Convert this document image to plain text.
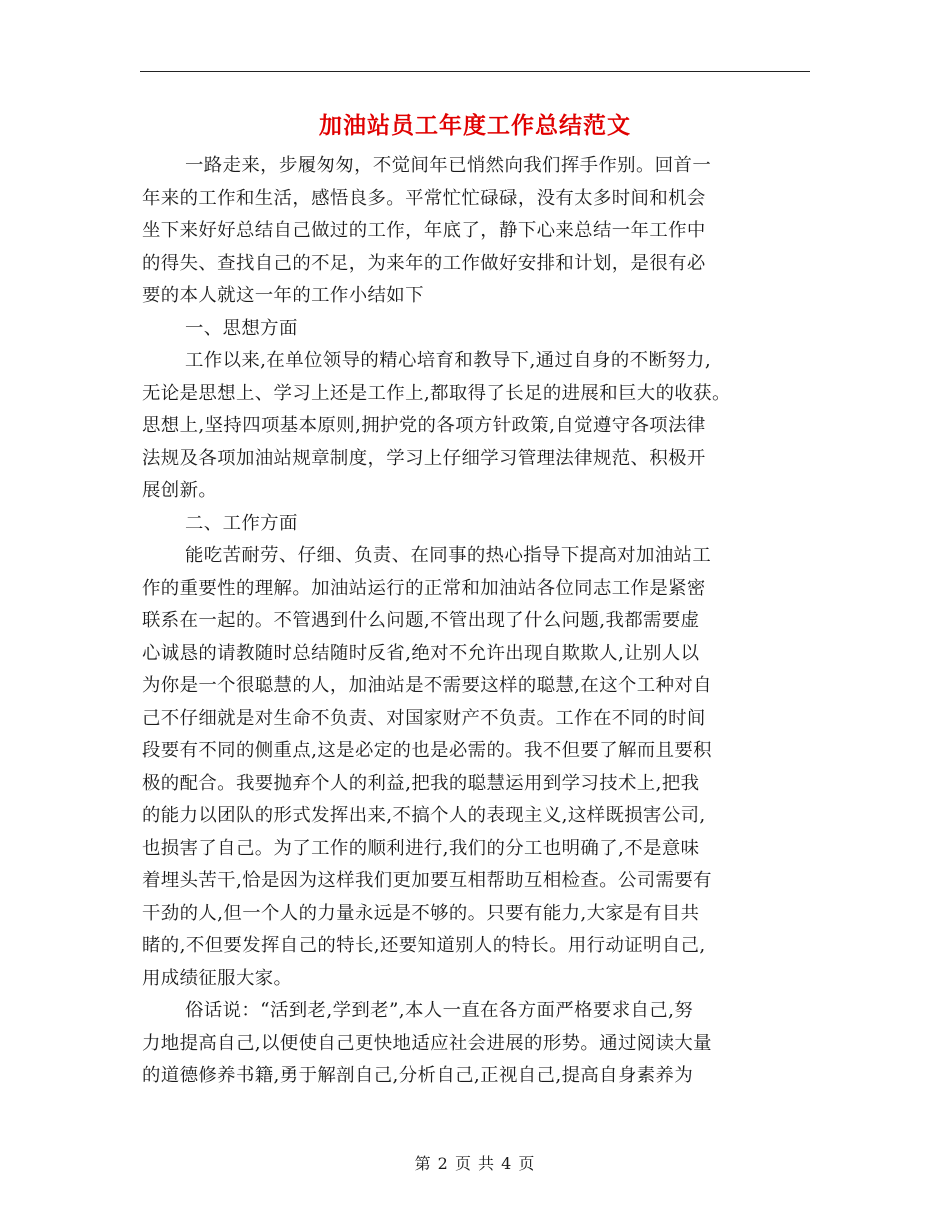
加油站员工年度工作总结范文
一路走来，步履匆匆，不觉间年已悄然向我们挥手作别。回首一
年来的工作和生活，感悟良多。平常忙忙碌碌，没有太多时间和机会
坐下来好好总结自己做过的工作，年底了，静下心来总结一年工作中
的得失、查找自己的不足，为来年的工作做好安排和计划，是很有必
要的本人就这一年的工作小结如下
一、思想方面
工作以来,在单位领导的精心培育和教导下,通过自身的不断努力,
无论是思想上、学习上还是工作上,都取得了长足的进展和巨大的收获。
思想上,坚持四项基本原则,拥护党的各项方针政策,自觉遵守各项法律
法规及各项加油站规章制度，学习上仔细学习管理法律规范、积极开
展创新。
二、工作方面
能吃苦耐劳、仔细、负责、在同事的热心指导下提高对加油站工
作的重要性的理解。加油站运行的正常和加油站各位同志工作是紧密
联系在一起的。不管遇到什么问题,不管出现了什么问题,我都需要虚
心诚恳的请教随时总结随时反省,绝对不允许出现自欺欺人,让别人以
为你是一个很聪慧的人，加油站是不需要这样的聪慧,在这个工种对自
己不仔细就是对生命不负责、对国家财产不负责。工作在不同的时间
段要有不同的侧重点,这是必定的也是必需的。我不但要了解而且要积
极的配合。我要抛弃个人的利益,把我的聪慧运用到学习技术上,把我
的能力以团队的形式发挥出来,不搞个人的表现主义,这样既损害公司,
也损害了自己。为了工作的顺利进行,我们的分工也明确了,不是意味
着埋头苦干,恰是因为这样我们更加要互相帮助互相检查。公司需要有
干劲的人,但一个人的力量永远是不够的。只要有能力,大家是有目共
睹的,不但要发挥自己的特长,还要知道别人的特长。用行动证明自己,
用成绩征服大家。
俗话说：“活到老,学到老”,本人一直在各方面严格要求自己,努
力地提高自己,以便使自己更快地适应社会进展的形势。通过阅读大量
的道德修养书籍,勇于解剖自己,分析自己,正视自己,提高自身素养为
第 2 页 共 4 页
